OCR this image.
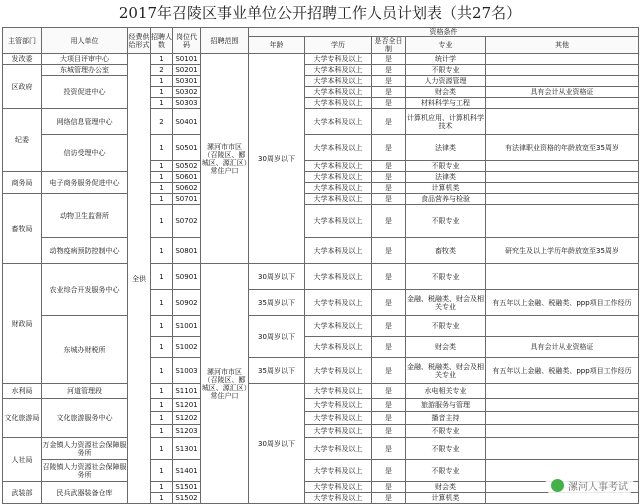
2017年召陵区事业单位公开招聘工作人员计划表（共27名）
主管部门	用人单位	经费供给形式	招聘人数	岗位代码	招聘范围	资格条件	
						年龄	学历	是否全日制	专业	其他	

发改委	大项目评审中心	全供	1	S0101	漯河市市区（召陵区、郾城区、源汇区）常住户口	30周岁以下	大学专科及以上	是	统计学		
区政府	东城管理办公室		2	S0201			大学本科及以上	是	不限专业		
	投资促进中心		1	S0301			大学本科及以上	是	人力资源管理		
			1	S0302			大学本科及以上	是	财会类	具有会计从业资格证	
			1	S0303			大学本科及以上	是	材料科学与工程		
纪委	网络信息管理中心		2	S0401			大学本科及以上	是	计算机应用、计算机科学技术		
	信访受理中心		1	S0501			大学本科及以上	是	法律类	有法律职业资格的年龄放宽至35周岁	
			1	S0502			大学本科及以上	是	不限专业		
商务局	电子商务服务促进中心		1	S0601			大学本科及以上	是	法律类		
			1	S0602			大学本科及以上	是	计算机类		
畜牧局	动物卫生监督所		1	S0701			大学本科及以上	是	食品营养与检验		
			1	S0702			大学本科及以上	是	不限专业		
	动物疫病预防控制中心		1	S0801			大学本科及以上	是	畜牧类	研究生及以上学历年龄放宽至35周岁	
财政局	农业综合开发服务中心		1	S0901	漯河市市区（召陵区、郾城区、源汇区）常住户口	30周岁以下	大学本科及以上	是	不限专业		
			1	S0902		35周岁以下	大学专科及以上	是	金融、税融类、财会及相关专业	有五年以上金融、税融类、ppp项目工作经历	
	东城办财税所		1	S1001		30周岁以下	大学本科及以上	是	不限专业		
			1	S1002			大学本科及以上	是	财会类	具有会计从业资格证	
			1	S1003		35周岁以下	大学专科及以上	是	金融、税融类、财会及相关专业	有五年以上金融、税融类、ppp项目工作经历	
水利局	河道管理段		1	S1101		30周岁以下	大学专科及以上	是	水电相关专业		
文化旅游局	文化旅游服务中心		1	S1201			大学专科及以上	是	旅游服务与管理		
			1	S1202			大学专科及以上	是	播音主持		
			1	S1203			大学专科及以上	是	不限专业		
人社局	万金镇人力资源社会保障服务所		1	S1301			大学专科及以上	是	不限专业		
	召陵镇人力资源社会保障服务所		1	S1401			大学专科及以上	是	不限专业		
武装部	民兵武器装备仓库		1	S1501			大学专科及以上	是	财会类		
			1	S1502			大学专科及以上	是	计算机类		
漯河人事考试
